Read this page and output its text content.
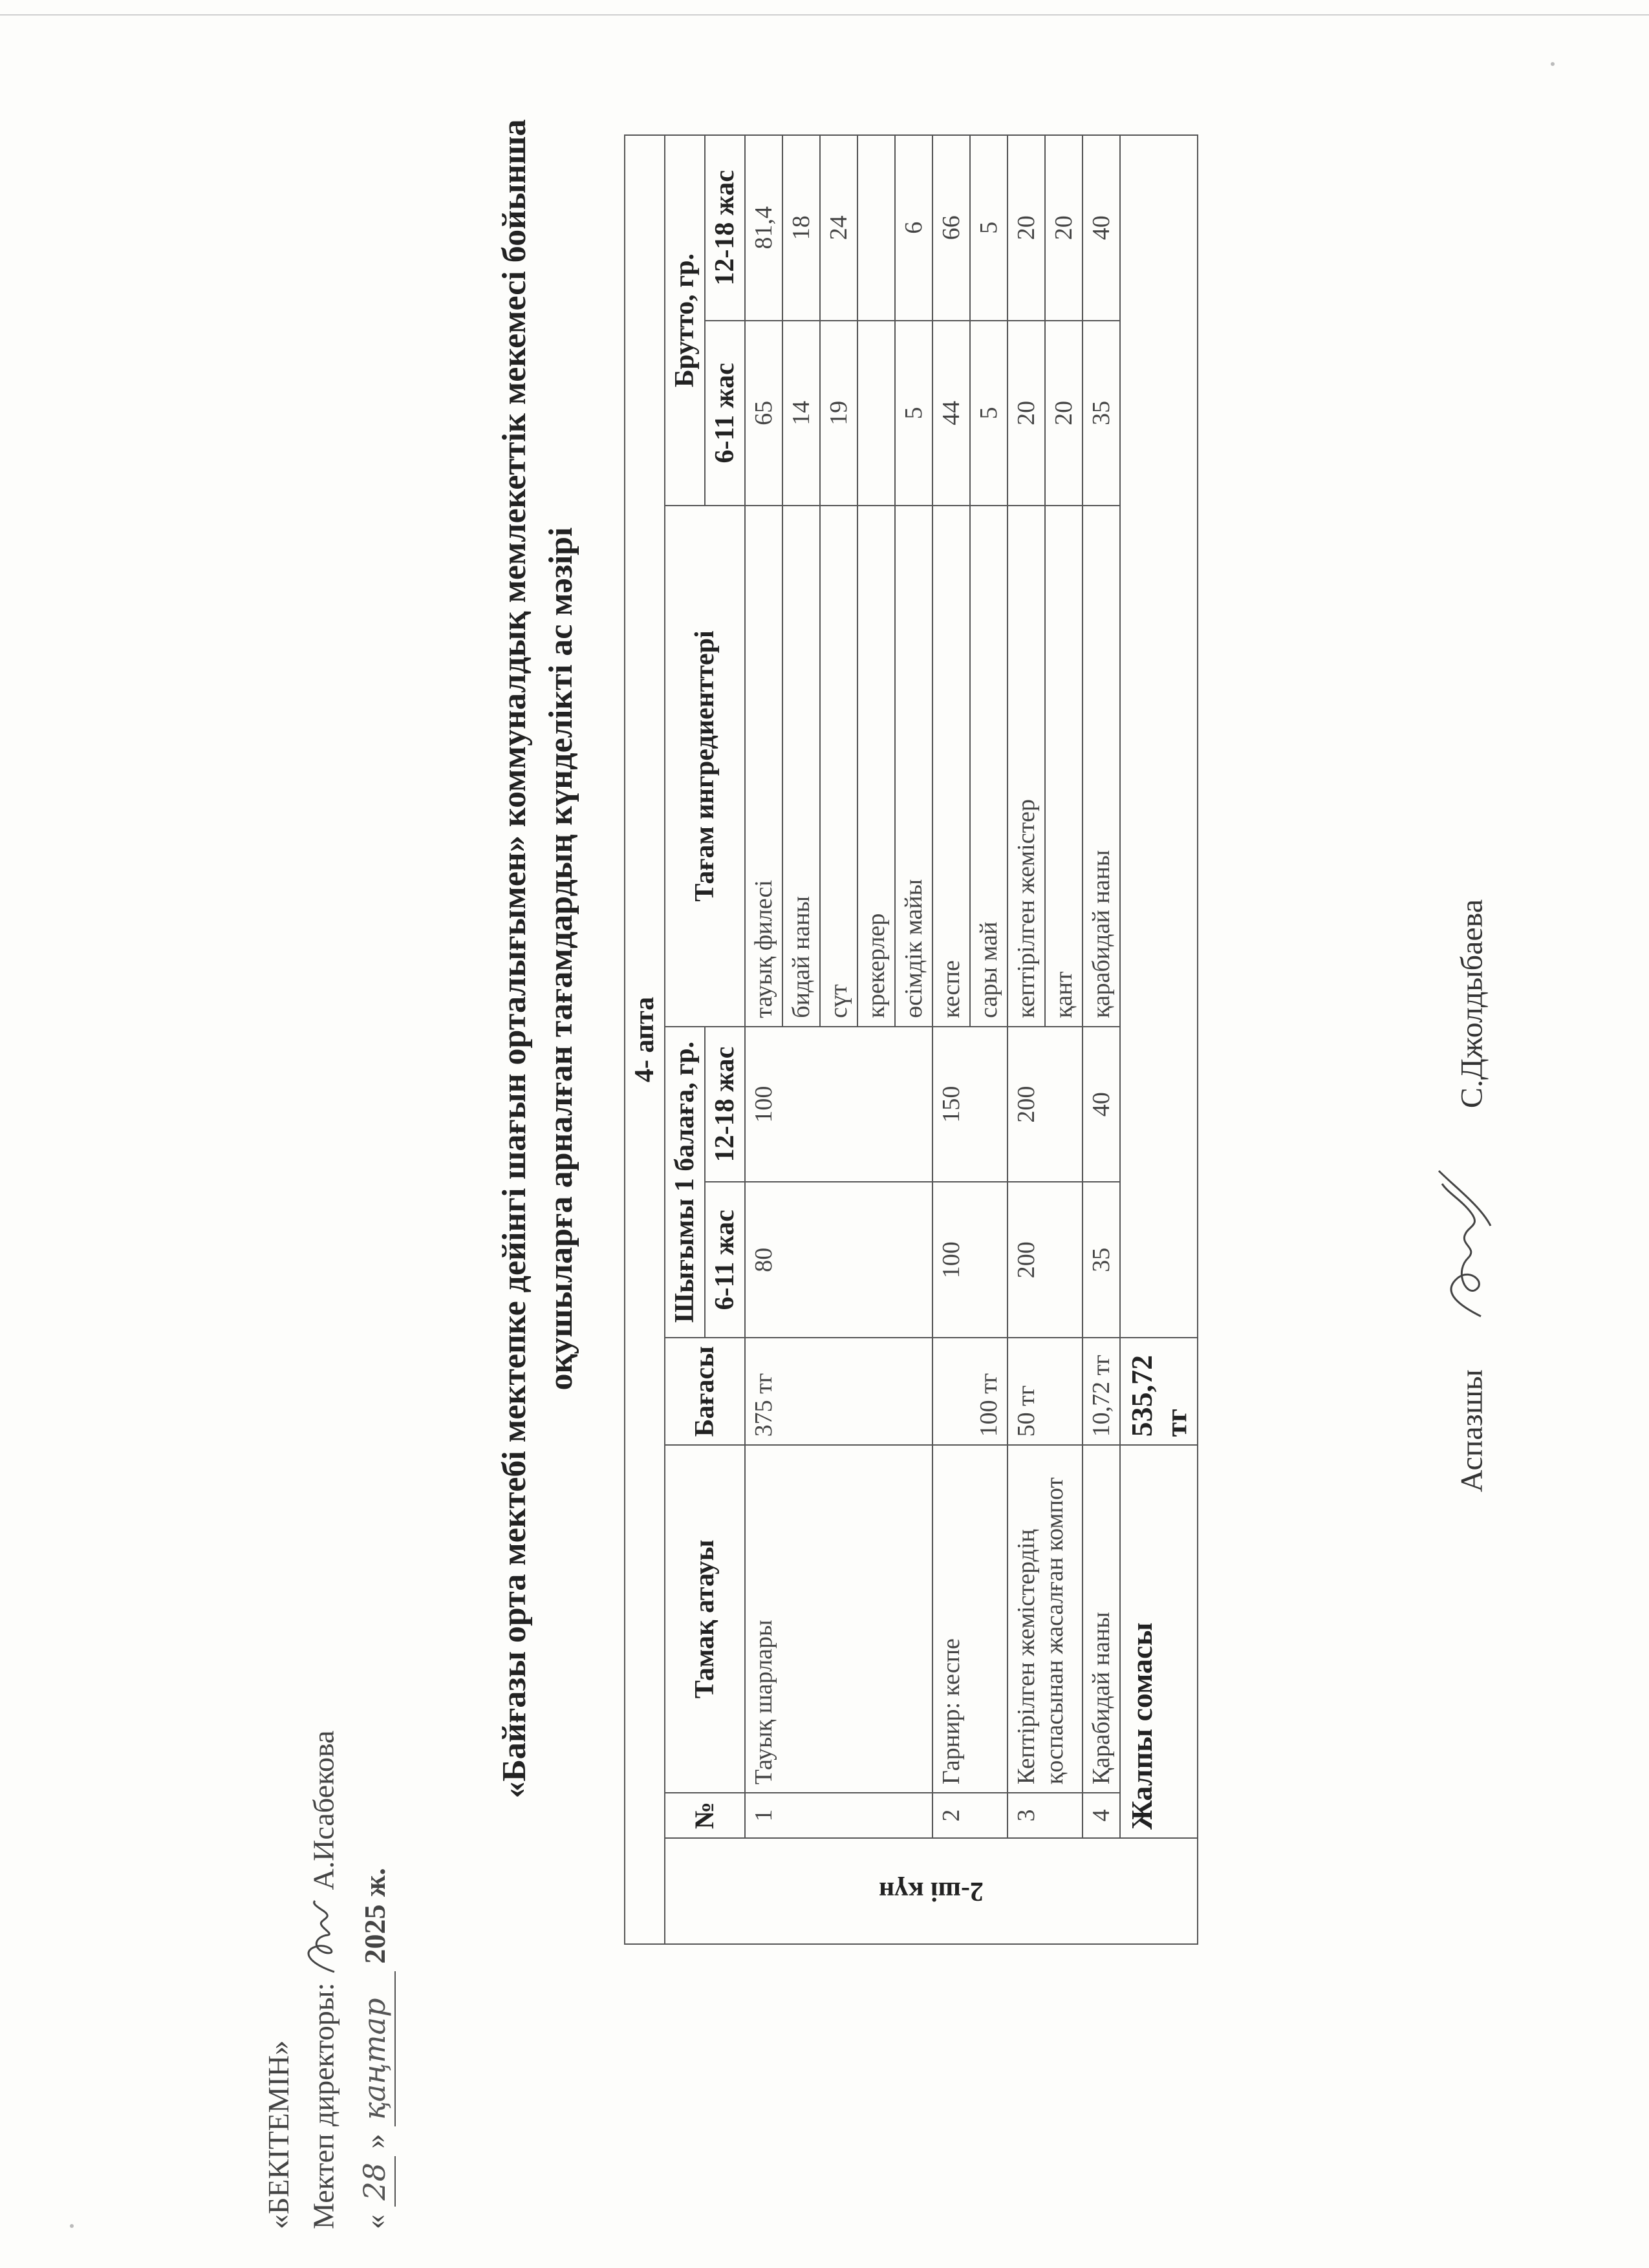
«БЕКІТЕМІН» Мектеп директоры:  А.Исабекова
« 28 » қаңтар 2025 ж.
«Байғазы орта мектебі мектепке дейінгі шағын орталығымен» коммуналдық мемлекеттік мекемесі бойынша оқушыларға арналған тағамдардың күнделікті ас мәзірі 4- апта								

2-ші күн	№	Тамақ атауы	Бағасы	Шығымы 1 балаға, гр.		Тағам ингредиенттері	Брутто, гр.	
				6-11 жас	12-18 жас		6-11 жас	12-18 жас
	1	Тауық шарлары	375 тг	80	100	тауық филесі	65	81,4
						бидай наны	14	18
						сүт	19	24
						крекерлер		
						өсімдік майы	5	6
	2	Гарнир: кеспе	100 тг	100	150	кеспе	44	66
						сары май	5	5
	3	Кептірілген жемістердің қоспасынан жасалған компот	50 тг	200	200	кептірілген жемістер	20	20
						қант	20	20
	4	Қарабидай наны	10,72 тг	35	40	қарабидай наны	35	40
	Жалпы сомасы		535,72 тг						Аспазшы  С.Джолдыбаева
